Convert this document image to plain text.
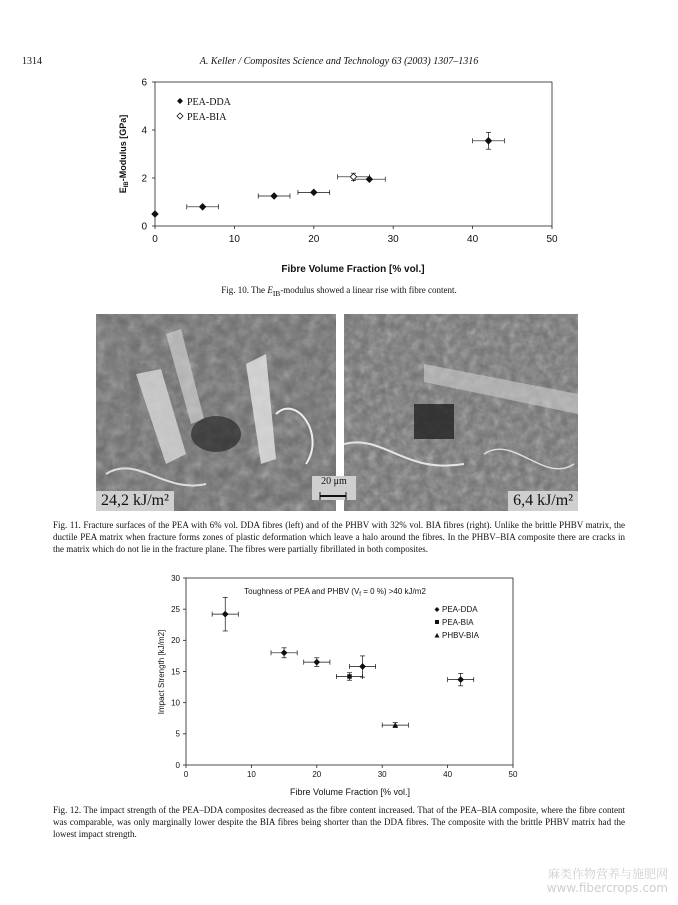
1314	A. Keller / Composites Science and Technology 63 (2003) 1307–1316
0	10	20	30	40	50
0
2
4
6
Fibre Volume Fraction [% vol.]
$E_{IB}$-Modulus [GPa]
PEA-DDA
PEA-BIA
Fig. 10. The $E_{IB}$-modulus showed a linear rise with fibre content.
24,2 kJ/m²	6,4 kJ/m²
20 μm
Fig. 11. Fracture surfaces of the PEA with 6% vol. DDA fibres (left) and of the PHBV with 32% vol. BIA fibres (right). Unlike the brittle PHBV matrix, the ductile PEA matrix when fracture forms zones of plastic deformation which leave a halo around the fibres. In the PHBV–BIA composite there are cracks in the matrix which do not lie in the fracture plane. The fibres were partially fibrillated in both composites.
0	10	20	30	40	50
0
5
10
15
20
25
30
Toughness of PEA and PHBV ($V_f = 0$ %) >40 kJ/m2
Fibre Volume Fraction [% vol.]
Impact Strength [kJ/m2]
PEA-DDA
PEA-BIA
PHBV-BIA
Fig. 12. The impact strength of the PEA–DDA composites decreased as the fibre content increased. That of the PEA–BIA composite, where the fibre content was comparable, was only marginally lower despite the BIA fibres being shorter than the DDA fibres. The composite with the brittle PHBV matrix had the lowest impact strength.
麻类作物营养与施肥网
www.fibercrops.com
